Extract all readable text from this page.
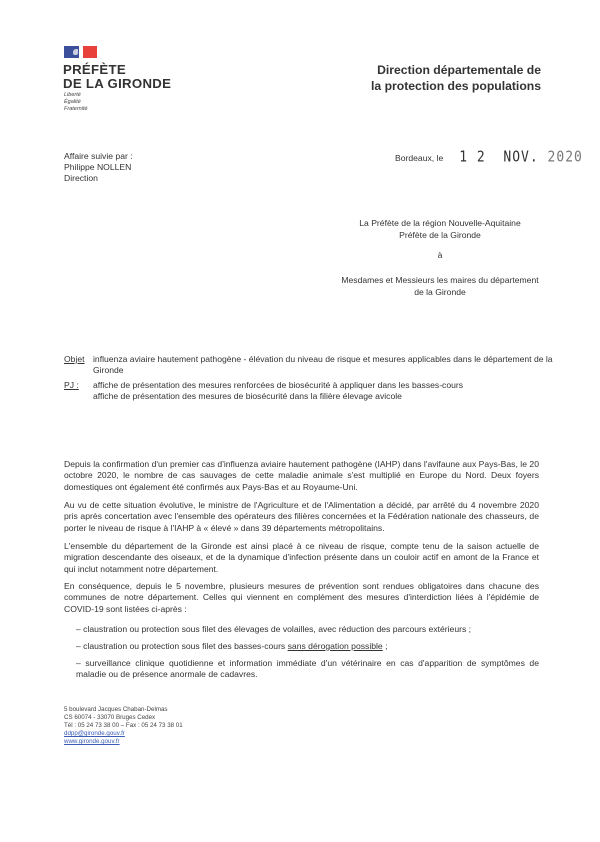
PRÉFÈTE
DE LA GIRONDE
Liberté
Égalité
Fraternité
Direction départementale de
la protection des populations
Affaire suivie par :
Philippe NOLLEN
Direction
Bordeaux, le 1 2  NOV. 2020
La Préfète de la région Nouvelle-Aquitaine
Préfète de la Gironde
à
Mesdames et Messieurs les maires du département
de la Gironde
Objet influenza aviaire hautement pathogène - élévation du niveau de risque et mesures applicables dans le département de la Gironde
PJ :	affiche de présentation des mesures renforcées de biosécurité à appliquer dans les basses-cours
affiche de présentation des mesures de biosécurité dans la filière élevage avicole
Depuis la confirmation d'un premier cas d'influenza aviaire hautement pathogène (IAHP) dans l'avifaune aux Pays-Bas, le 20 octobre 2020, le nombre de cas sauvages de cette maladie animale s'est multiplié en Europe du Nord. Deux foyers domestiques ont également été confirmés aux Pays-Bas et au Royaume-Uni.
Au vu de cette situation évolutive, le ministre de l'Agriculture et de l'Alimentation a décidé, par arrêté du 4 novembre 2020 pris après concertation avec l'ensemble des opérateurs des filières concernées et la Fédération nationale des chasseurs, de porter le niveau de risque à l'IAHP à « élevé » dans 39 départements métropolitains.
L'ensemble du département de la Gironde est ainsi placé à ce niveau de risque, compte tenu de la saison actuelle de migration descendante des oiseaux, et de la dynamique d'infection présente dans un couloir actif en amont de la France et qui inclut notamment notre département.
En conséquence, depuis le 5 novembre, plusieurs mesures de prévention sont rendues obligatoires dans chacune des communes de notre département. Celles qui viennent en complément des mesures d'interdiction liées à l'épidémie de COVID-19 sont listées ci-après :
– claustration ou protection sous filet des élevages de volailles, avec réduction des parcours extérieurs ;
– claustration ou protection sous filet des basses-cours sans dérogation possible ;
– surveillance clinique quotidienne et information immédiate d'un vétérinaire en cas d'apparition de symptômes de maladie ou de présence anormale de cadavres.
5 boulevard Jacques Chaban-Delmas
CS 60074 - 33070 Bruges Cedex
Tél : 05 24 73 38 00 – Fax : 05 24 73 38 01
ddpp@gironde.gouv.fr
www.gironde.gouv.fr
